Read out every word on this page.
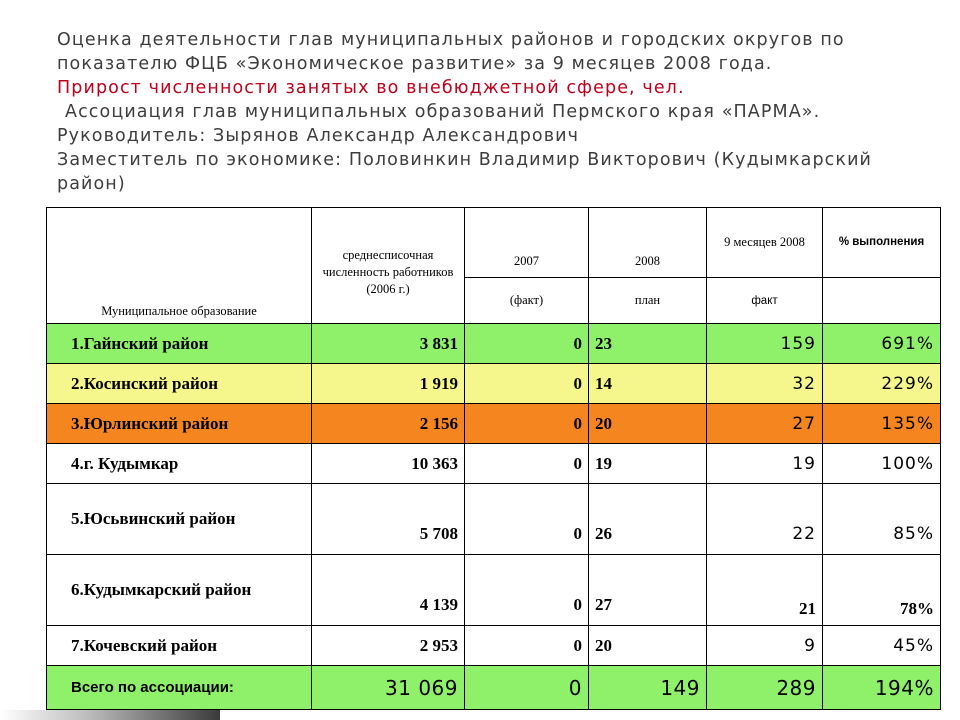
Оценка деятельности глав муниципальных районов и городских округов по
показателю ФЦБ «Экономическое развитие» за 9 месяцев 2008 года.
Прирост численности занятых во внебюджетной сфере, чел.
Ассоциация глав муниципальных образований Пермского края «ПАРМА».
Руководитель: Зырянов Александр Александрович
Заместитель по экономике: Половинкин Владимир Викторович (Кудымкарский
район)
Муниципальное образование	среднесписочная численность работников (2006 г.)	2007	2008	9 месяцев 2008	% выполнения
		(факт)	план	факт	
1.Гайнский район	3 831	0	23	159	691%
2.Косинский район	1 919	0	14	32	229%
3.Юрлинский район	2 156	0	20	27	135%
4.г. Кудымкар	10 363	0	19	19	100%
5.Юсьвинский район	5 708	0	26	22	85%
6.Кудымкарский район	4 139	0	27	21	78%
7.Кочевский район	2 953	0	20	9	45%
Всего по ассоциации:	31 069	0	149	289	194%
